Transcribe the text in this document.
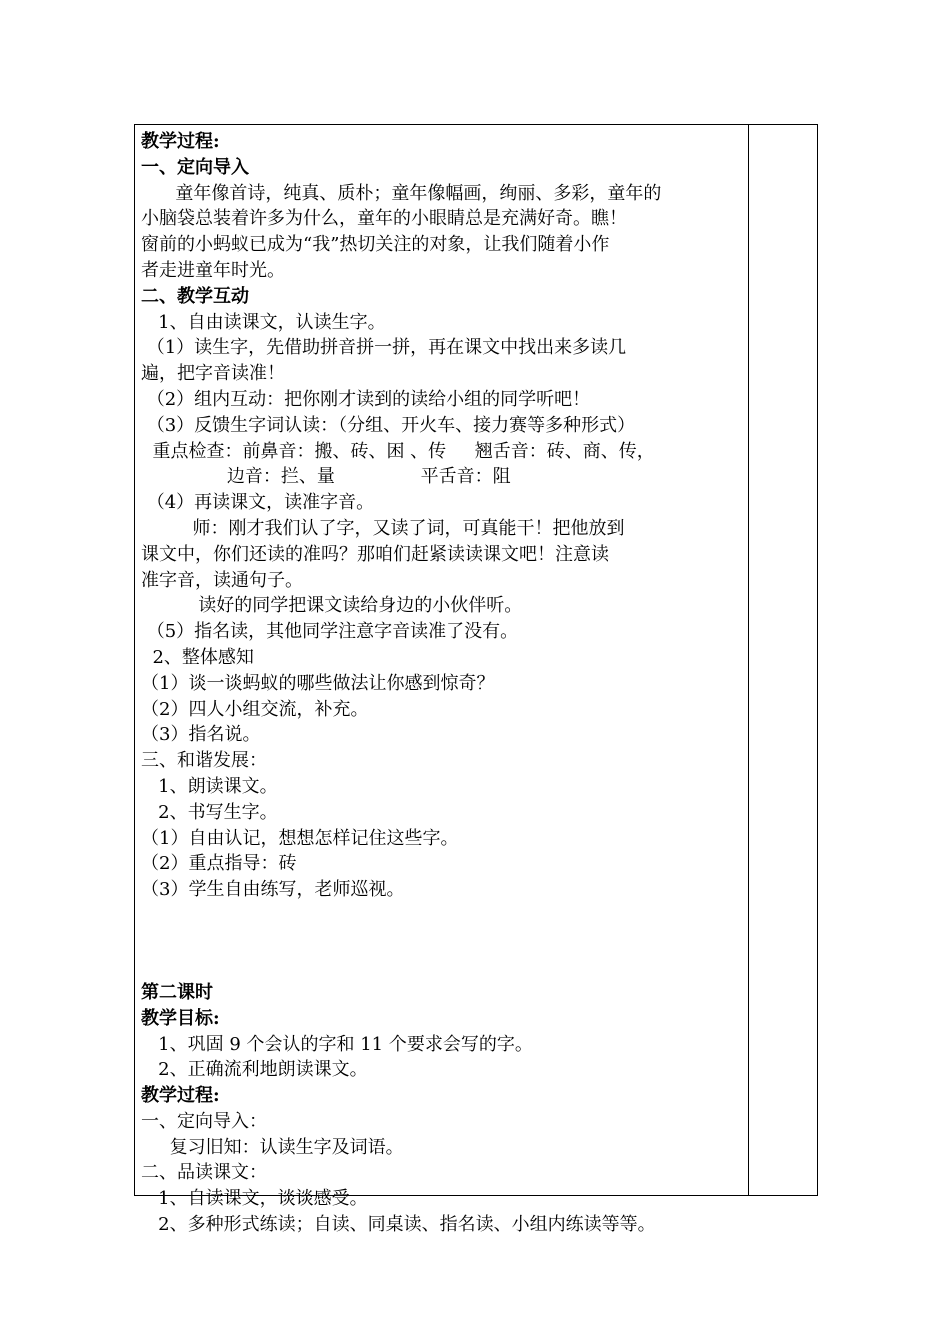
教学过程:
一、定向导入
童年像首诗，纯真、质朴；童年像幅画，绚丽、多彩，童年的
小脑袋总装着许多为什么，童年的小眼睛总是充满好奇。瞧！
窗前的小蚂蚁已成为“我”热切关注的对象，让我们随着小作
者走进童年时光。
二、教学互动
1、自由读课文，认读生字。
（1）读生字，先借助拼音拼一拼，再在课文中找出来多读几
遍，把字音读准！
（2）组内互动：把你刚才读到的读给小组的同学听吧！
（3）反馈生字词认读：（分组、开火车、接力赛等多种形式）
重点检查：前鼻音：搬、砖、困 、传     翘舌音：砖、商、传，
边音：拦、量               平舌音：阻
（4）再读课文，读准字音。
师：刚才我们认了字，又读了词，可真能干！把他放到
课文中，你们还读的准吗？那咱们赶紧读读课文吧！注意读
准字音，读通句子。
读好的同学把课文读给身边的小伙伴听。
（5）指名读，其他同学注意字音读准了没有。
2、整体感知
（1）谈一谈蚂蚁的哪些做法让你感到惊奇？
（2）四人小组交流，补充。
（3）指名说。
三、和谐发展：
1、朗读课文。
2、书写生字。
（1）自由认记，想想怎样记住这些字。
（2）重点指导：砖
（3）学生自由练写，老师巡视。
第二课时
教学目标:
1、巩固 9 个会认的字和 11 个要求会写的字。
2、正确流利地朗读课文。
教学过程:
一、定向导入：
复习旧知：认读生字及词语。
二、品读课文：
1、自读课文，谈谈感受。
2、多种形式练读；自读、同桌读、指名读、小组内练读等等。
